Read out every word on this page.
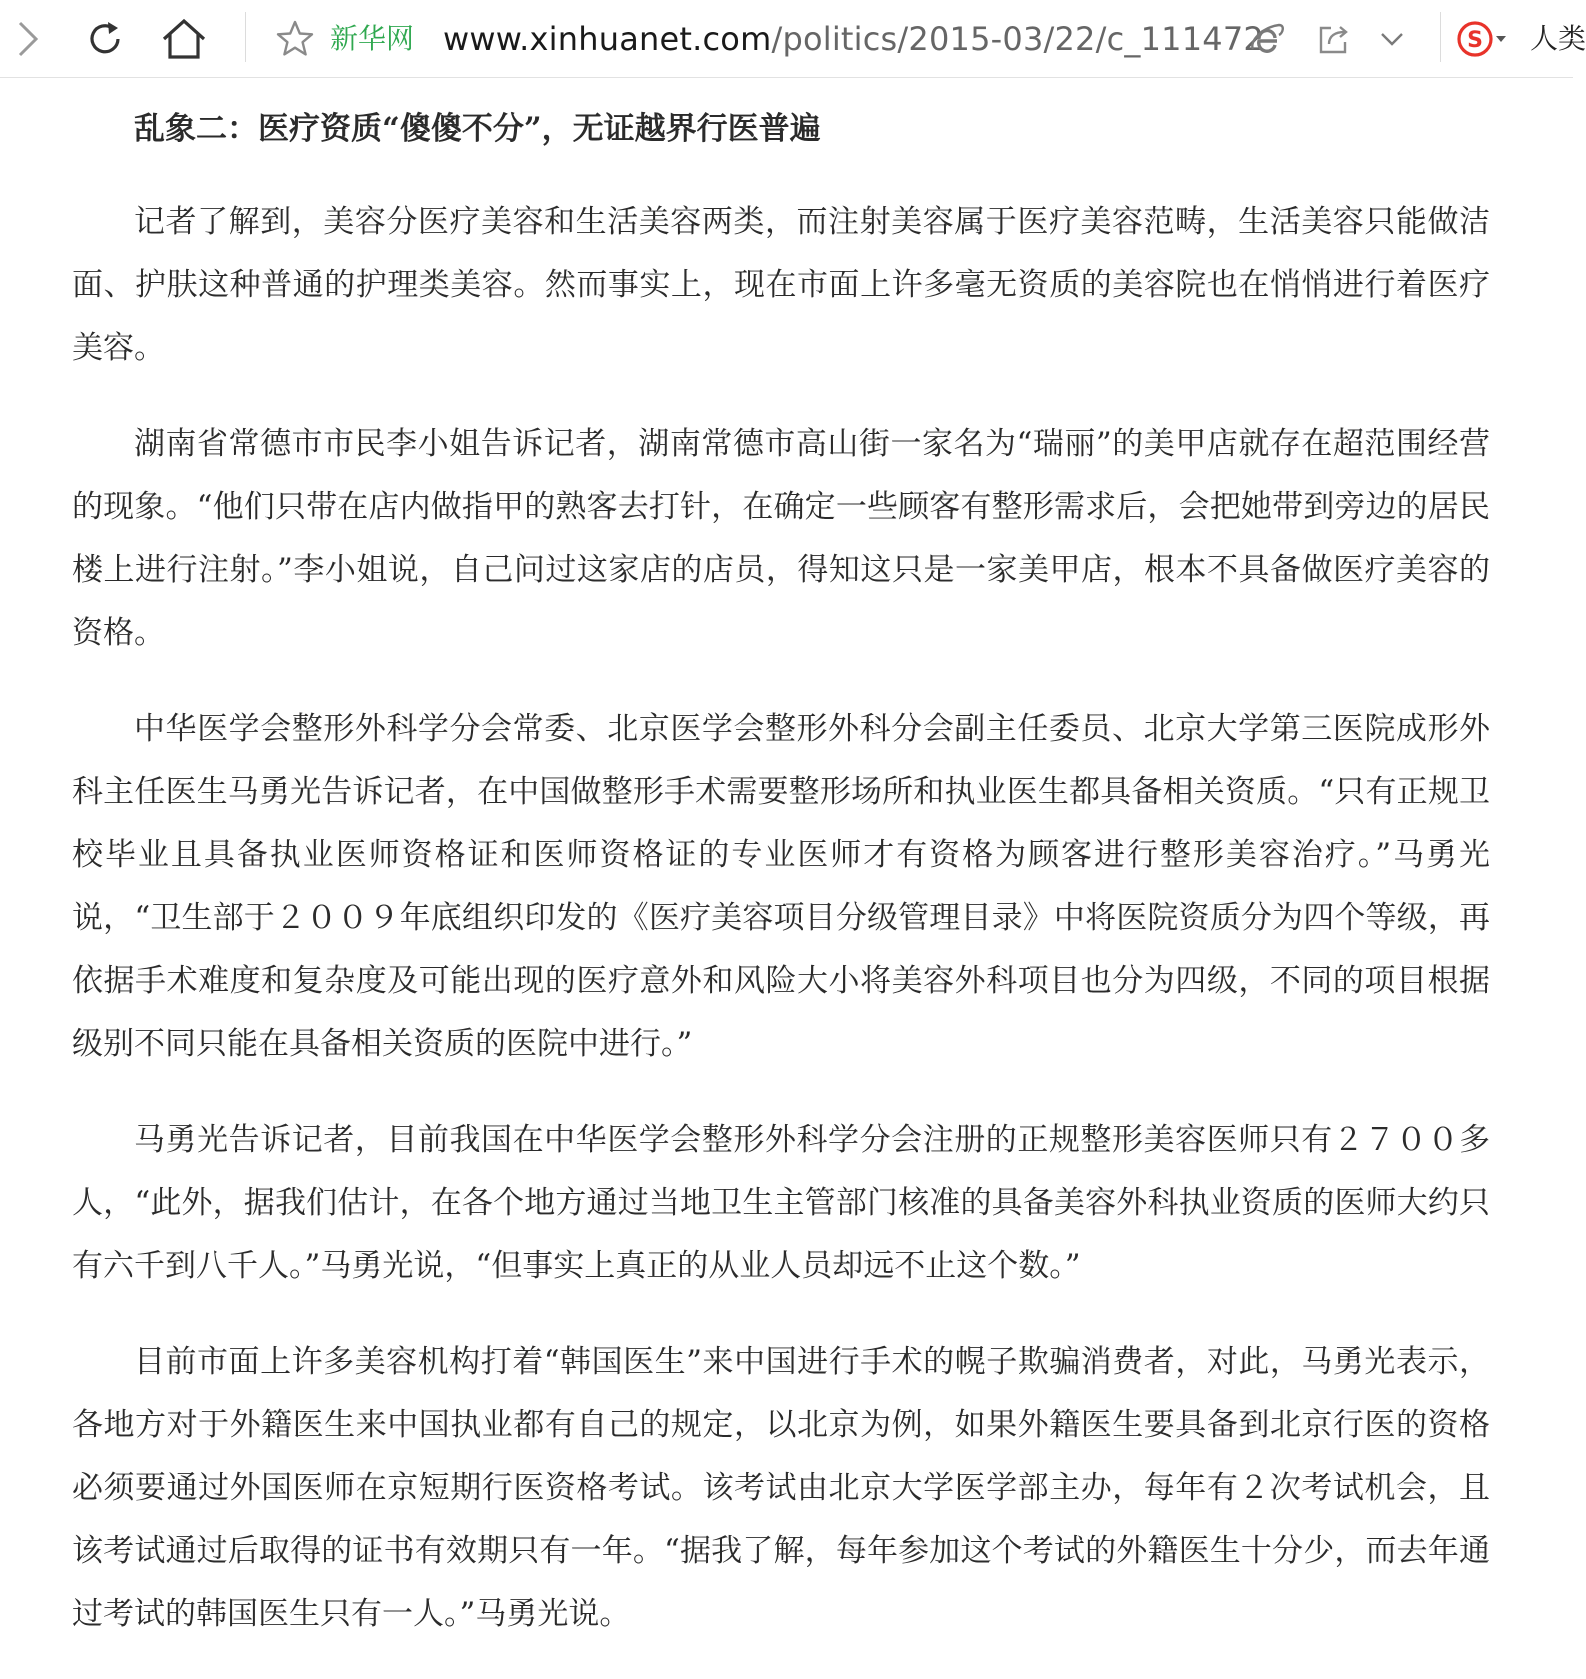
新华网 www.xinhuanet.com/politics/2015-03/22/c_111472	S 人类

乱象二：医疗资质“傻傻不分”，无证越界行医普遍

记者了解到，美容分医疗美容和生活美容两类，而注射美容属于医疗美容范畴，生活美容只能做洁面、护肤这种普通的护理类美容。然而事实上，现在市面上许多毫无资质的美容院也在悄悄进行着医疗美容。

湖南省常德市市民李小姐告诉记者，湖南常德市高山街一家名为“瑞丽”的美甲店就存在超范围经营的现象。“他们只带在店内做指甲的熟客去打针，在确定一些顾客有整形需求后，会把她带到旁边的居民楼上进行注射。”李小姐说，自己问过这家店的店员，得知这只是一家美甲店，根本不具备做医疗美容的资格。

中华医学会整形外科学分会常委、北京医学会整形外科分会副主任委员、北京大学第三医院成形外科主任医生马勇光告诉记者，在中国做整形手术需要整形场所和执业医生都具备相关资质。“只有正规卫校毕业且具备执业医师资格证和医师资格证的专业医师才有资格为顾客进行整形美容治疗。”马勇光说，“卫生部于２００９年底组织印发的《医疗美容项目分级管理目录》中将医院资质分为四个等级，再依据手术难度和复杂度及可能出现的医疗意外和风险大小将美容外科项目也分为四级，不同的项目根据级别不同只能在具备相关资质的医院中进行。”

马勇光告诉记者，目前我国在中华医学会整形外科学分会注册的正规整形美容医师只有２７００多人，“此外，据我们估计，在各个地方通过当地卫生主管部门核准的具备美容外科执业资质的医师大约只有六千到八千人。”马勇光说，“但事实上真正的从业人员却远不止这个数。”

目前市面上许多美容机构打着“韩国医生”来中国进行手术的幌子欺骗消费者，对此，马勇光表示，各地方对于外籍医生来中国执业都有自己的规定，以北京为例，如果外籍医生要具备到北京行医的资格必须要通过外国医师在京短期行医资格考试。该考试由北京大学医学部主办，每年有２次考试机会，且该考试通过后取得的证书有效期只有一年。“据我了解，每年参加这个考试的外籍医生十分少，而去年通过考试的韩国医生只有一人。”马勇光说。
